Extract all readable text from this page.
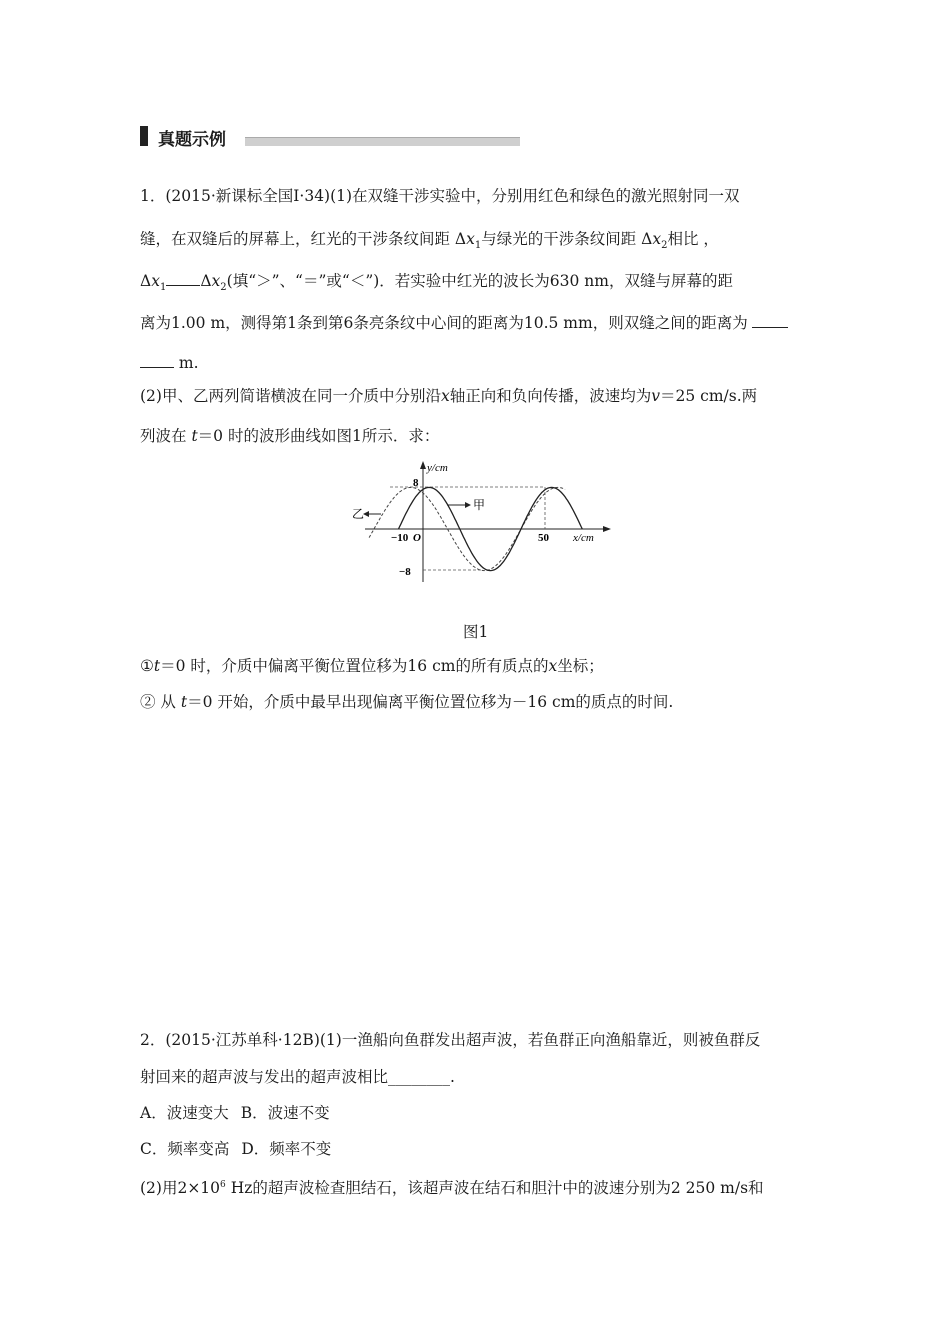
真题示例
1．(2015·新课标全国Ⅰ·34)(1)在双缝干涉实验中，分别用红色和绿色的激光照射同一双
缝，在双缝后的屏幕上，红光的干涉条纹间距 $\Delta x_1$与绿光的干涉条纹间距 $\Delta x_2$相比 ，
$\Delta x_1$ $\Delta x_2$(填“＞”、“＝”或“＜”)．若实验中红光的波长为630 nm，双缝与屏幕的距
离为1.00 m，测得第1条到第6条亮条纹中心间的距离为10.5 mm，则双缝之间的距离为
m.
(2)甲、乙两列简谐横波在同一介质中分别沿x轴正向和负向传播，波速均为v＝25 cm/s.两
列波在 t＝0 时的波形曲线如图1所示．求：
y/cm
x/cm
8
−8
−10 O	50
甲
乙
图1
①t＝0 时，介质中偏离平衡位置位移为16 cm的所有质点的x坐标；
② 从 t＝0 开始，介质中最早出现偏离平衡位置位移为－16 cm的质点的时间.
2．(2015·江苏单科·12B)(1)一渔船向鱼群发出超声波，若鱼群正向渔船靠近，则被鱼群反
射回来的超声波与发出的超声波相比________.
A．波速变大 B．波速不变
C．频率变高 D．频率不变
(2)用$2\times 10^6$ Hz的超声波检查胆结石，该超声波在结石和胆汁中的波速分别为2 250 m/s和
